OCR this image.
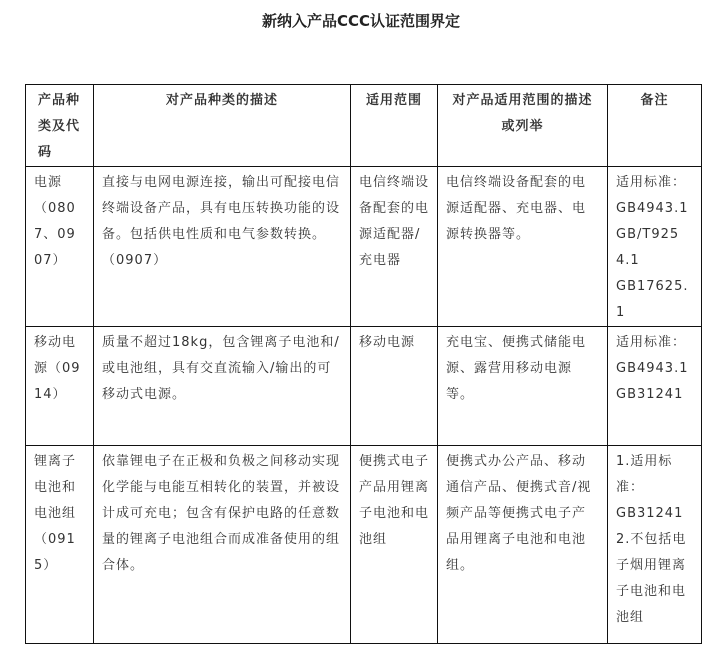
新纳入产品CCC认证范围界定
产品种类及代码	对产品种类的描述	适用范围	对产品适用范围的描述或列举	备注
电源（0807、0907）	直接与电网电源连接，输出可配接电信终端设备产品，具有电压转换功能的设备。包括供电性质和电气参数转换。（0907）	电信终端设备配套的电源适配器/充电器	电信终端设备配套的电源适配器、充电器、电源转换器等。	适用标准：
GB4943.1
GB/T9254.1
GB17625.1

移动电源（0914）	质量不超过18kg，包含锂离子电池和/或电池组，具有交直流输入/输出的可移动式电源。	移动电源	充电宝、便携式储能电源、露营用移动电源等。	适用标准：
GB4943.1
GB31241

锂离子电池和电池组（0915）	依靠锂电子在正极和负极之间移动实现化学能与电能互相转化的装置，并被设计成可充电；包含有保护电路的任意数量的锂离子电池组合而成准备使用的组合体。	便携式电子产品用锂离子电池和电池组	便携式办公产品、移动通信产品、便携式音/视频产品等便携式电子产品用锂离子电池和电池组。	1.适用标准：
GB31241
2.不包括电子烟用锂离子电池和电池组
